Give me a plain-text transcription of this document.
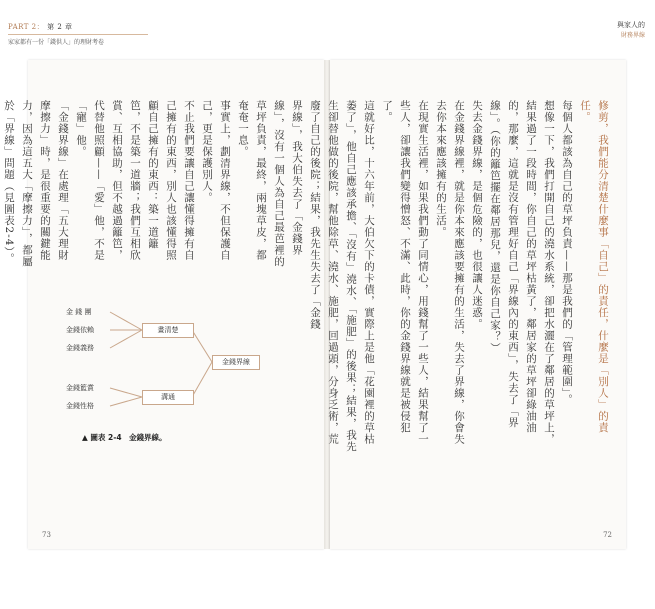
PART 2： 第 2 章
家家都有一份「錢供人」的理財考卷
與家人的
財務界線

界線」，我大伯失去了「金錢界線」，沒有一個人為自己最芭裡的草坪負責，最終，兩塊草皮，都奄奄一息。

事實上，劃清界線，不但保護自己，更是保護別人。

不止我們要讓自己讓懂得擁有自己擁有的東西，別人也該懂得照顧自己擁有的東西：築一道籬笆，不是築一道牆；我們互相欣賞、互相協助，但不越過籬笆，代替他照顧——「愛」他，不是「寵」他。

「金錢界線」在處理「五大理財摩擦力」時，是很重要的關鍵能力，因為這五大「摩擦力」，都屬於「界線」問題（見圖表2-4）。

73

修剪，我們能分清楚什麼事「自己」的責任，什麼是「別人」的責任。

每個人都該為自己的草坪負責——那是我們的「管理範圍」。

想像一下，我們打開自己的澆水系統，卻把水灑在了鄰居的草坪上，結果過了一段時間，你自己的草坪枯黃了，鄰居家的草坪卻綠油油的，那麼，這就是沒有管理好自己「界線內的東西」，失去了「界線」。（你的籬笆擺在鄰居那兒，還是你自己家？）

失去金錢界線，是個危險的，也很讓人迷惑。

在金錢界線裡，就是你本來應該要擁有的生活，失去了界線，你會失去你本來應該擁有的生活。

在現實生活裡，如果我們動了同情心，用錢幫了一些人，結果幫了一些人，卻讓我們變得憎怒、不滿、此時，你的金錢界線就是被侵犯了。

這就好比，十六年前，大伯欠下的卡債，實際上是他「花園裡的草枯萎了」，他自己應該承擔、「沒有」澆水、「施肥」的後果；結果，我先生卻替他做的後院，幫他除草、澆水、施肥，回過頭，分身乏術，荒廢了自己的後院；結果，我先生失去了「金錢

72
金 錢 團
金錢依賴
金錢義務
金錢籃賞
金錢性格
畫清楚
溝通
金錢界線
▲ 圖表 2-4　金錢界線。
